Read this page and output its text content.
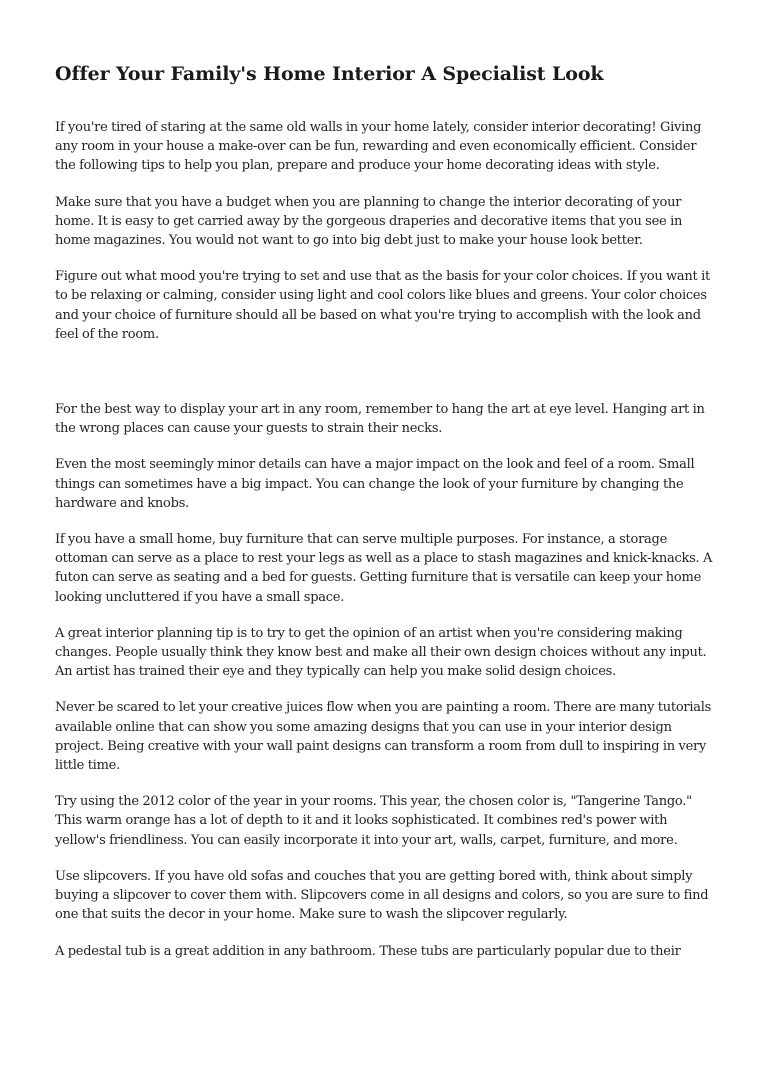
Offer Your Family's Home Interior A Specialist Look

If you're tired of staring at the same old walls in your home lately, consider interior decorating! Giving any room in your house a make-over can be fun, rewarding and even economically efficient. Consider the following tips to help you plan, prepare and produce your home decorating ideas with style.

Make sure that you have a budget when you are planning to change the interior decorating of your home. It is easy to get carried away by the gorgeous draperies and decorative items that you see in home magazines. You would not want to go into big debt just to make your house look better.

Figure out what mood you're trying to set and use that as the basis for your color choices. If you want it to be relaxing or calming, consider using light and cool colors like blues and greens. Your color choices and your choice of furniture should all be based on what you're trying to accomplish with the look and feel of the room.

For the best way to display your art in any room, remember to hang the art at eye level. Hanging art in the wrong places can cause your guests to strain their necks.

Even the most seemingly minor details can have a major impact on the look and feel of a room. Small things can sometimes have a big impact. You can change the look of your furniture by changing the hardware and knobs.

If you have a small home, buy furniture that can serve multiple purposes. For instance, a storage ottoman can serve as a place to rest your legs as well as a place to stash magazines and knick-knacks. A futon can serve as seating and a bed for guests. Getting furniture that is versatile can keep your home looking uncluttered if you have a small space.

A great interior planning tip is to try to get the opinion of an artist when you're considering making changes. People usually think they know best and make all their own design choices without any input. An artist has trained their eye and they typically can help you make solid design choices.

Never be scared to let your creative juices flow when you are painting a room. There are many tutorials available online that can show you some amazing designs that you can use in your interior design project. Being creative with your wall paint designs can transform a room from dull to inspiring in very little time.

Try using the 2012 color of the year in your rooms. This year, the chosen color is, "Tangerine Tango." This warm orange has a lot of depth to it and it looks sophisticated. It combines red's power with yellow's friendliness. You can easily incorporate it into your art, walls, carpet, furniture, and more.

Use slipcovers. If you have old sofas and couches that you are getting bored with, think about simply buying a slipcover to cover them with. Slipcovers come in all designs and colors, so you are sure to find one that suits the decor in your home. Make sure to wash the slipcover regularly.

A pedestal tub is a great addition in any bathroom. These tubs are particularly popular due to their
